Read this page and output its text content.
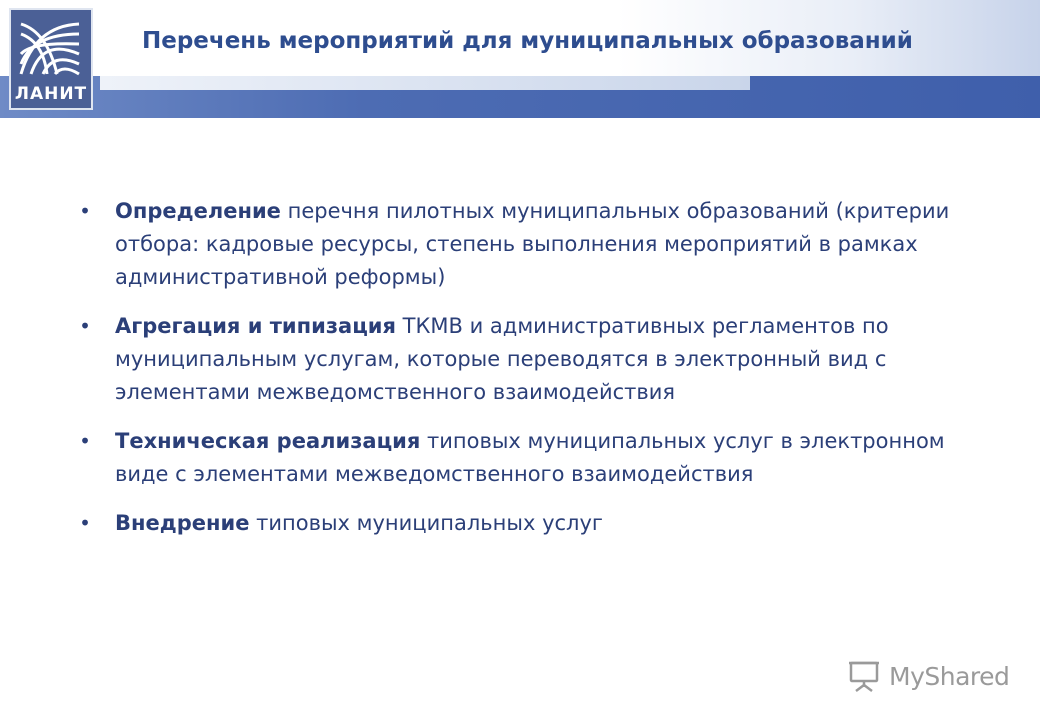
ЛАНИТ
Перечень мероприятий для муниципальных образований
• Определение перечня пилотных муниципальных образований (критерии отбора: кадровые ресурсы, степень выполнения мероприятий в рамках административной реформы)
• Агрегация и типизация ТКМВ и административных регламентов по муниципальным услугам, которые переводятся в электронный вид с элементами межведомственного взаимодействия
• Техническая реализация типовых муниципальных услуг в электронном виде с элементами межведомственного взаимодействия
• Внедрение типовых муниципальных услуг
MyShared
